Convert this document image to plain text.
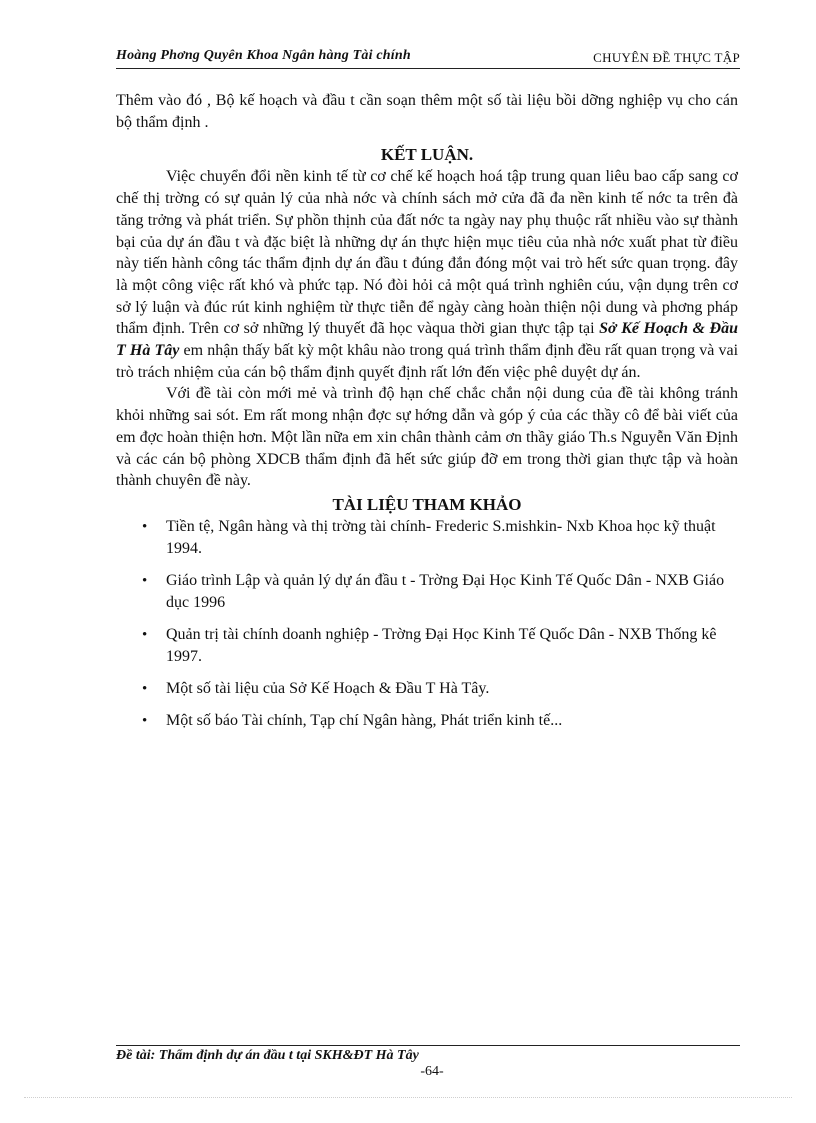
Hoàng Phơng Quyên Khoa Ngân hàng Tài chính	CHUYÊN ĐỀ THỰC TẬP

Thêm vào đó , Bộ kế hoạch và đầu t cần soạn thêm một số tài liệu bồi dỡng nghiệp vụ cho cán bộ thẩm định .

KẾT LUẬN.

Việc chuyển đổi nền kinh tế từ cơ chế kế hoạch hoá tập trung quan liêu bao cấp sang cơ chế thị trờng có sự quản lý của nhà nớc và chính sách mở cửa đã đa nền kinh tế nớc ta trên đà tăng trởng và phát triển. Sự phồn thịnh của đất nớc ta ngày nay phụ thuộc rất nhiều vào sự thành bại của dự án đầu t và đặc biệt là những dự án thực hiện mục tiêu của nhà nớc xuất phat từ điều này tiến hành công tác thẩm định dự án đầu t đúng đắn đóng một vai trò hết sức quan trọng. đây là một công việc rất khó và phức tạp. Nó đòi hỏi cả một quá trình nghiên cúu, vận dụng trên cơ sở lý luận và đúc rút kinh nghiệm từ thực tiễn để ngày càng hoàn thiện nội dung và phơng pháp thẩm định. Trên cơ sở những lý thuyết đã học vàqua thời gian thực tập tại Sở Kế Hoạch & Đầu T Hà Tây em nhận thấy bất kỳ một khâu nào trong quá trình thẩm định đều rất quan trọng và vai trò trách nhiệm của cán bộ thẩm định quyết định rất lớn đến việc phê duyệt dự án.

Với đề tài còn mới mẻ và trình độ hạn chế chắc chắn nội dung của đề tài không tránh khỏi những sai sót. Em rất mong nhận đợc sự hớng dẫn và góp ý của các thầy cô để bài viết của em đợc hoàn thiện hơn. Một lần nữa em xin chân thành cảm ơn thầy giáo Th.s Nguyễn Văn Định và các cán bộ phòng XDCB thẩm định đã hết sức giúp đỡ em trong thời gian thực tập và hoàn thành chuyên đề này.

TÀI LIỆU THAM KHẢO
• Tiền tệ, Ngân hàng và thị trờng tài chính- Frederic S.mishkin- Nxb Khoa học kỹ thuật 1994.
• Giáo trình Lập và quản lý dự án đầu t - Trờng Đại Học Kinh Tế Quốc Dân - NXB Giáo dục 1996
• Quản trị tài chính doanh nghiệp - Trờng Đại Học Kinh Tế Quốc Dân - NXB Thống kê 1997.
• Một số tài liệu của Sở Kế Hoạch & Đầu T Hà Tây.
• Một số báo Tài chính, Tạp chí Ngân hàng, Phát triển kinh tế...
Đề tài: Thẩm định dự án đầu t tại SKH&ĐT Hà Tây
-64-
